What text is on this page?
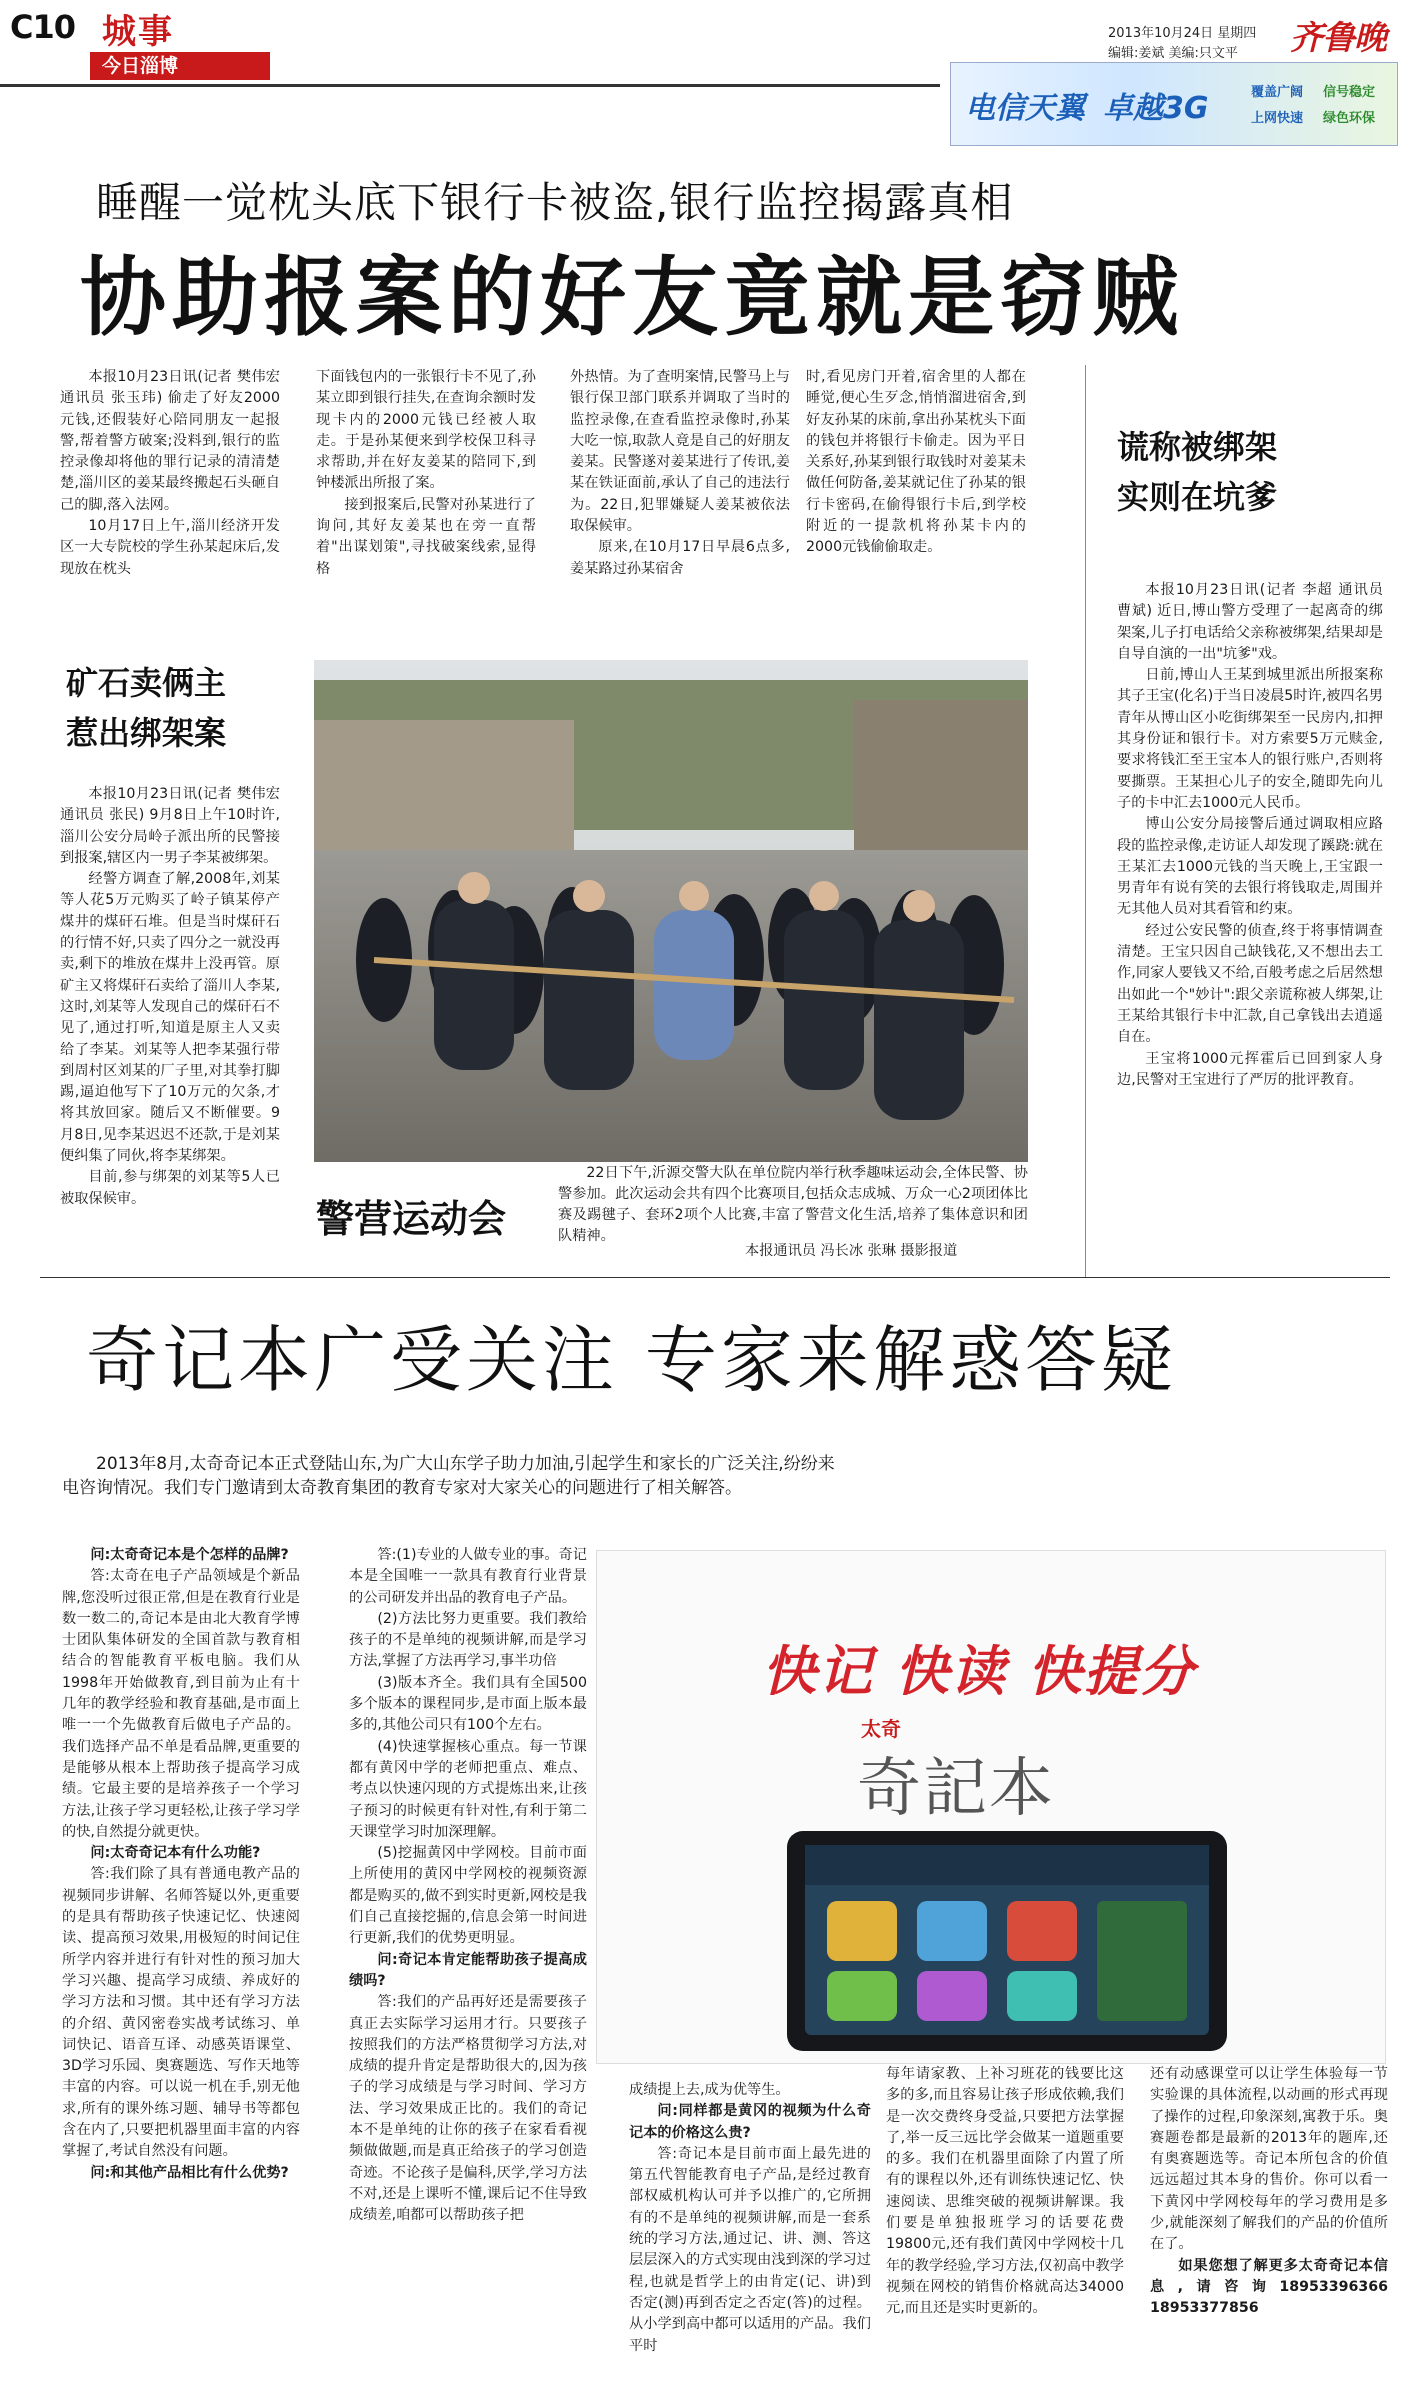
C10 城事
今日淄博
2013年10月24日 星期四
编辑:姜斌 美编:只文平 齐鲁晚
电信天翼 卓越3G	覆盖广阔 信号稳定
上网快速 绿色环保
睡醒一觉枕头底下银行卡被盗,银行监控揭露真相
协助报案的好友竟就是窃贼

本报10月23日讯(记者 樊伟宏 通讯员 张玉玮) 偷走了好友2000元钱,还假装好心陪同朋友一起报警,帮着警方破案;没料到,银行的监控录像却将他的罪行记录的清清楚楚,淄川区的姜某最终搬起石头砸自己的脚,落入法网。

10月17日上午,淄川经济开发区一大专院校的学生孙某起床后,发现放在枕头

下面钱包内的一张银行卡不见了,孙某立即到银行挂失,在查询余额时发现卡内的2000元钱已经被人取走。于是孙某便来到学校保卫科寻求帮助,并在好友姜某的陪同下,到钟楼派出所报了案。

接到报案后,民警对孙某进行了询问,其好友姜某也在旁一直帮着"出谋划策",寻找破案线索,显得格

外热情。为了查明案情,民警马上与银行保卫部门联系并调取了当时的监控录像,在查看监控录像时,孙某大吃一惊,取款人竟是自己的好朋友姜某。民警遂对姜某进行了传讯,姜某在铁证面前,承认了自己的违法行为。22日,犯罪嫌疑人姜某被依法取保候审。

原来,在10月17日早晨6点多,姜某路过孙某宿舍

时,看见房门开着,宿舍里的人都在睡觉,便心生歹念,悄悄溜进宿舍,到好友孙某的床前,拿出孙某枕头下面的钱包并将银行卡偷走。因为平日关系好,孙某到银行取钱时对姜某未做任何防备,姜某就记住了孙某的银行卡密码,在偷得银行卡后,到学校附近的一提款机将孙某卡内的2000元钱偷偷取走。

谎称被绑架
实则在坑爹

本报10月23日讯(记者 李超 通讯员 曹斌) 近日,博山警方受理了一起离奇的绑架案,儿子打电话给父亲称被绑架,结果却是自导自演的一出"坑爹"戏。

日前,博山人王某到城里派出所报案称其子王宝(化名)于当日凌晨5时许,被四名男青年从博山区小吃街绑架至一民房内,扣押其身份证和银行卡。对方索要5万元赎金,要求将钱汇至王宝本人的银行账户,否则将要撕票。王某担心儿子的安全,随即先向儿子的卡中汇去1000元人民币。

博山公安分局接警后通过调取相应路段的监控录像,走访证人却发现了蹊跷:就在王某汇去1000元钱的当天晚上,王宝跟一男青年有说有笑的去银行将钱取走,周围并无其他人员对其看管和约束。

经过公安民警的侦查,终于将事情调查清楚。王宝只因自己缺钱花,又不想出去工作,同家人要钱又不给,百般考虑之后居然想出如此一个"妙计":跟父亲谎称被人绑架,让王某给其银行卡中汇款,自己拿钱出去逍遥自在。

王宝将1000元挥霍后已回到家人身边,民警对王宝进行了严厉的批评教育。

矿石卖俩主
惹出绑架案

本报10月23日讯(记者 樊伟宏 通讯员 张民) 9月8日上午10时许,淄川公安分局岭子派出所的民警接到报案,辖区内一男子李某被绑架。

经警方调查了解,2008年,刘某等人花5万元购买了岭子镇某停产煤井的煤矸石堆。但是当时煤矸石的行情不好,只卖了四分之一就没再卖,剩下的堆放在煤井上没再管。原矿主又将煤矸石卖给了淄川人李某,这时,刘某等人发现自己的煤矸石不见了,通过打听,知道是原主人又卖给了李某。刘某等人把李某强行带到周村区刘某的厂子里,对其拳打脚踢,逼迫他写下了10万元的欠条,才将其放回家。随后又不断催要。9月8日,见李某迟迟不还款,于是刘某便纠集了同伙,将李某绑架。

目前,参与绑架的刘某等5人已被取保候审。	警营运动会

22日下午,沂源交警大队在单位院内举行秋季趣味运动会,全体民警、协警参加。此次运动会共有四个比赛项目,包括众志成城、万众一心2项团体比赛及踢毽子、套环2项个人比赛,丰富了警营文化生活,培养了集体意识和团队精神。

本报通讯员 冯长冰 张琳 摄影报道
奇记本广受关注 专家来解惑答疑
2013年8月,太奇奇记本正式登陆山东,为广大山东学子助力加油,引起学生和家长的广泛关注,纷纷来电咨询情况。我们专门邀请到太奇教育集团的教育专家对大家关心的问题进行了相关解答。

问:太奇奇记本是个怎样的品牌?

答:太奇在电子产品领域是个新品牌,您没听过很正常,但是在教育行业是数一数二的,奇记本是由北大教育学博士团队集体研发的全国首款与教育相结合的智能教育平板电脑。我们从1998年开始做教育,到目前为止有十几年的教学经验和教育基础,是市面上唯一一个先做教育后做电子产品的。我们选择产品不单是看品牌,更重要的是能够从根本上帮助孩子提高学习成绩。它最主要的是培养孩子一个学习方法,让孩子学习更轻松,让孩子学习学的快,自然提分就更快。

问:太奇奇记本有什么功能?

答:我们除了具有普通电教产品的视频同步讲解、名师答疑以外,更重要的是具有帮助孩子快速记忆、快速阅读、提高预习效果,用极短的时间记住所学内容并进行有针对性的预习加大学习兴趣、提高学习成绩、养成好的学习方法和习惯。其中还有学习方法的介绍、黄冈密卷实战考试练习、单词快记、语音互译、动感英语课堂、3D学习乐园、奥赛题选、写作天地等丰富的内容。可以说一机在手,别无他求,所有的课外练习题、辅导书等都包含在内了,只要把机器里面丰富的内容掌握了,考试自然没有问题。

问:和其他产品相比有什么优势?

答:(1)专业的人做专业的事。奇记本是全国唯一一款具有教育行业背景的公司研发并出品的教育电子产品。

(2)方法比努力更重要。我们教给孩子的不是单纯的视频讲解,而是学习方法,掌握了方法再学习,事半功倍

(3)版本齐全。我们具有全国500多个版本的课程同步,是市面上版本最多的,其他公司只有100个左右。

(4)快速掌握核心重点。每一节课都有黄冈中学的老师把重点、难点、考点以快速闪现的方式提炼出来,让孩子预习的时候更有针对性,有利于第二天课堂学习时加深理解。

(5)挖掘黄冈中学网校。目前市面上所使用的黄冈中学网校的视频资源都是购买的,做不到实时更新,网校是我们自己直接挖掘的,信息会第一时间进行更新,我们的优势更明显。

问:奇记本肯定能帮助孩子提高成绩吗?

答:我们的产品再好还是需要孩子真正去实际学习运用才行。只要孩子按照我们的方法严格贯彻学习方法,对成绩的提升肯定是帮助很大的,因为孩子的学习成绩是与学习时间、学习方法、学习效果成正比的。我们的奇记本不是单纯的让你的孩子在家看看视频做做题,而是真正给孩子的学习创造奇迹。不论孩子是偏科,厌学,学习方法不对,还是上课听不懂,课后记不住导致成绩差,咱都可以帮助孩子把

成绩提上去,成为优等生。

问:同样都是黄冈的视频为什么奇记本的价格这么贵?

答:奇记本是目前市面上最先进的第五代智能教育电子产品,是经过教育部权威机构认可并予以推广的,它所拥有的不是单纯的视频讲解,而是一套系统的学习方法,通过记、讲、测、答这层层深入的方式实现由浅到深的学习过程,也就是哲学上的由肯定(记、讲)到否定(测)再到否定之否定(答)的过程。从小学到高中都可以适用的产品。我们平时

每年请家教、上补习班花的钱要比这多的多,而且容易让孩子形成依赖,我们是一次交费终身受益,只要把方法掌握了,举一反三远比学会做某一道题重要的多。我们在机器里面除了内置了所有的课程以外,还有训练快速记忆、快速阅读、思维突破的视频讲解课。我们要是单独报班学习的话要花费19800元,还有我们黄冈中学网校十几年的教学经验,学习方法,仅初高中教学视频在网校的销售价格就高达34000元,而且还是实时更新的。

还有动感课堂可以让学生体验每一节实验课的具体流程,以动画的形式再现了操作的过程,印象深刻,寓教于乐。奥赛题卷都是最新的2013年的题库,还有奥赛题选等。奇记本所包含的价值远远超过其本身的售价。你可以看一下黄冈中学网校每年的学习费用是多少,就能深刻了解我们的产品的价值所在了。

如果您想了解更多太奇奇记本信息,请咨询18953396366 18953377856

快记 快读 快提分
太奇
奇記本
